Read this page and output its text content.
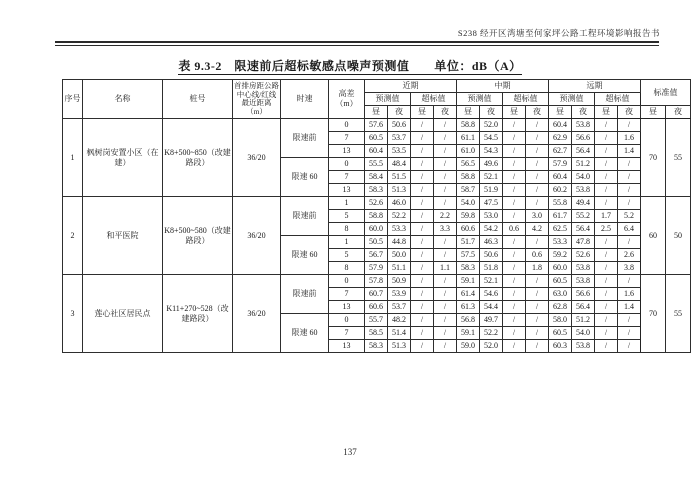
S238 经开区湾塘至何家坪公路工程环境影响报告书
表 9.3-2　限速前后超标敏感点噪声预测值　　单位：dB（A）
序号	名称	桩号	首排房距公路中心线/红线最近距离（m）	时速	高差（m）	近期				中期				远期				标准值	
						预测值		超标值		预测值		超标值		预测值		超标值			
						昼	夜	昼	夜	昼	夜	昼	夜	昼	夜	昼	夜	昼	夜
1	枫树岗安置小区（在建）	K8+500~850（改建路段）	36/20	限速前	0	57.6	50.6	/	/	58.8	52.0	/	/	60.4	53.8	/	/	70	55
					7	60.5	53.7	/	/	61.1	54.5	/	/	62.9	56.6	/	1.6		
					13	60.4	53.5	/	/	61.0	54.3	/	/	62.7	56.4	/	1.4		
				限速 60	0	55.5	48.4	/	/	56.5	49.6	/	/	57.9	51.2	/	/		
					7	58.4	51.5	/	/	58.8	52.1	/	/	60.4	54.0	/	/		
					13	58.3	51.3	/	/	58.7	51.9	/	/	60.2	53.8	/	/		
2	和平医院	K8+500~580（改建路段）	36/20	限速前	1	52.6	46.0	/	/	54.0	47.5	/	/	55.8	49.4	/	/	60	50
					5	58.8	52.2	/	2.2	59.8	53.0	/	3.0	61.7	55.2	1.7	5.2		
					8	60.0	53.3	/	3.3	60.6	54.2	0.6	4.2	62.5	56.4	2.5	6.4		
				限速 60	1	50.5	44.8	/	/	51.7	46.3	/	/	53.3	47.8	/	/		
					5	56.7	50.0	/	/	57.5	50.6	/	0.6	59.2	52.6	/	2.6		
					8	57.9	51.1	/	1.1	58.3	51.8	/	1.8	60.0	53.8	/	3.8		
3	莲心社区居民点	K11+270~528（改建路段）	36/20	限速前	0	57.8	50.9	/	/	59.1	52.1	/	/	60.5	53.8	/	/	70	55
					7	60.7	53.9	/	/	61.4	54.6	/	/	63.0	56.6	/	1.6		
					13	60.6	53.7	/	/	61.3	54.4	/	/	62.8	56.4	/	1.4		
				限速 60	0	55.7	48.2	/	/	56.8	49.7	/	/	58.0	51.2	/	/		
					7	58.5	51.4	/	/	59.1	52.2	/	/	60.5	54.0	/	/		
					13	58.3	51.3	/	/	59.0	52.0	/	/	60.3	53.8	/	/		
137
